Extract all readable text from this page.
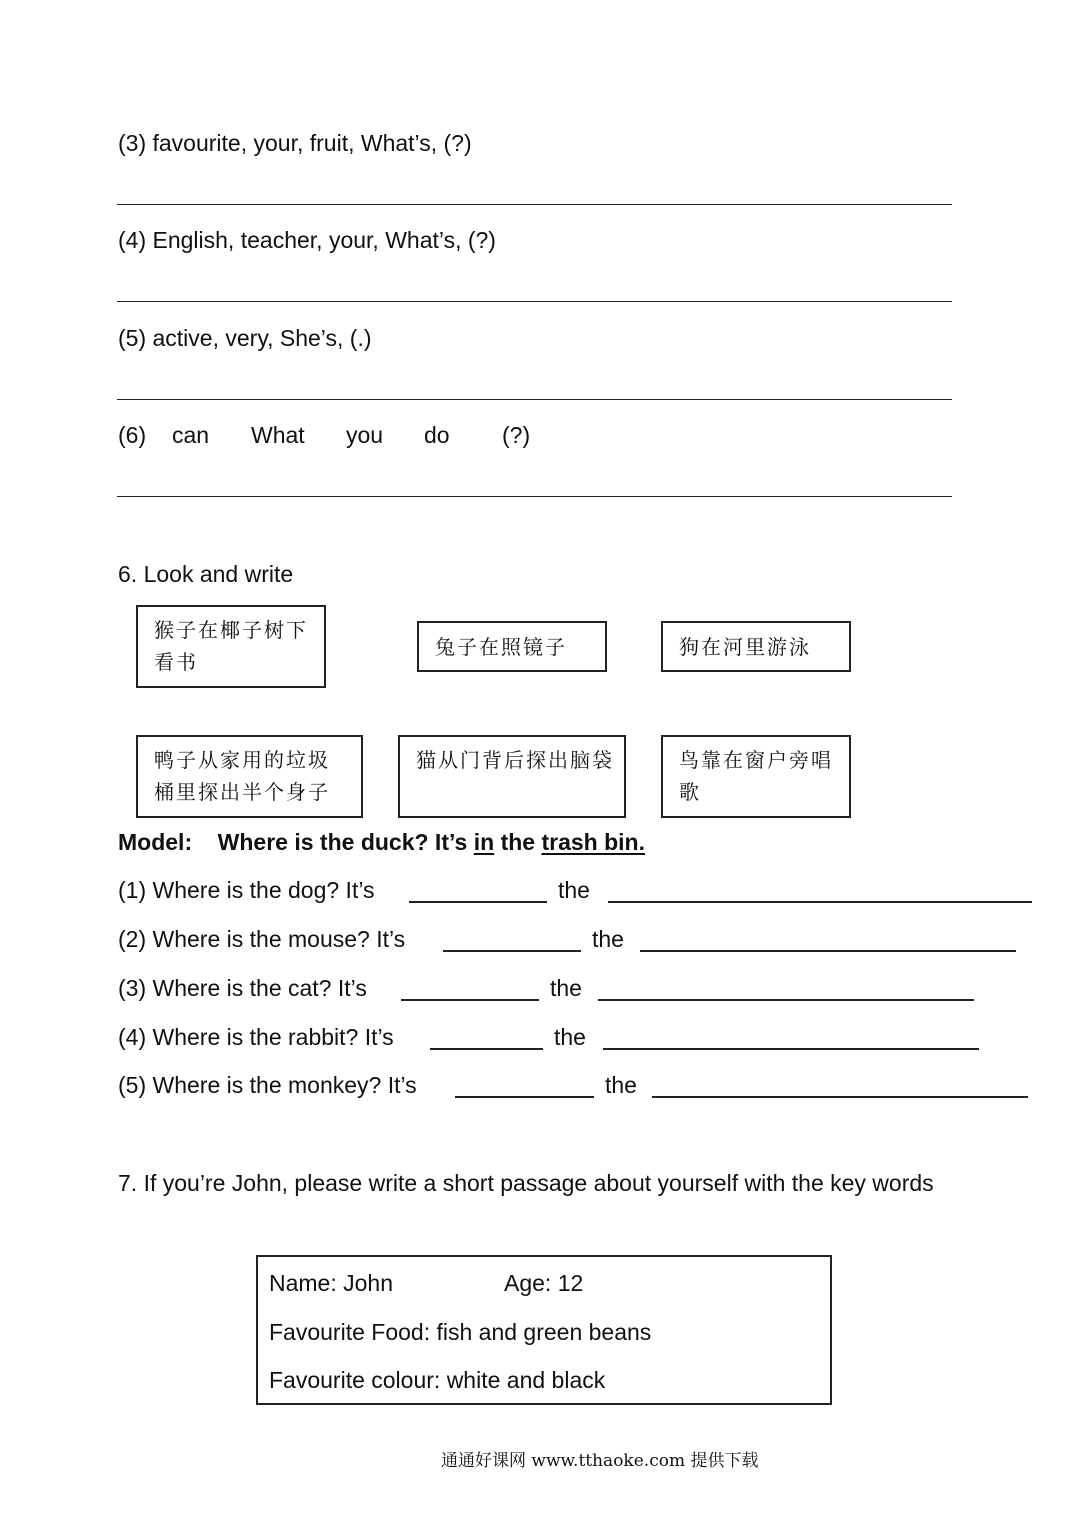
(3) favourite, your, fruit, What’s, (?)
(4) English, teacher, your, What’s, (?)
(5) active, very, She’s, (.)
(6) can What you do (?)
6. Look and write
猴子在椰子树下看书
兔子在照镜子	狗在河里游泳
鸭子从家用的垃圾桶里探出半个身子
猫从门背后探出脑袋	鸟靠在窗户旁唱歌
Model: Where is the duck? It’s in the trash bin.
(1) Where is the dog? It’s	the
(2) Where is the mouse? It’s	the
(3) Where is the cat? It’s	the
(4) Where is the rabbit? It’s	the
(5) Where is the monkey? It’s	the
7. If you’re John, please write a short passage about yourself with the key words
Name: John	Age: 12
Favourite Food: fish and green beans
Favourite colour: white and black
通通好课网 www.tthaoke.com 提供下载
